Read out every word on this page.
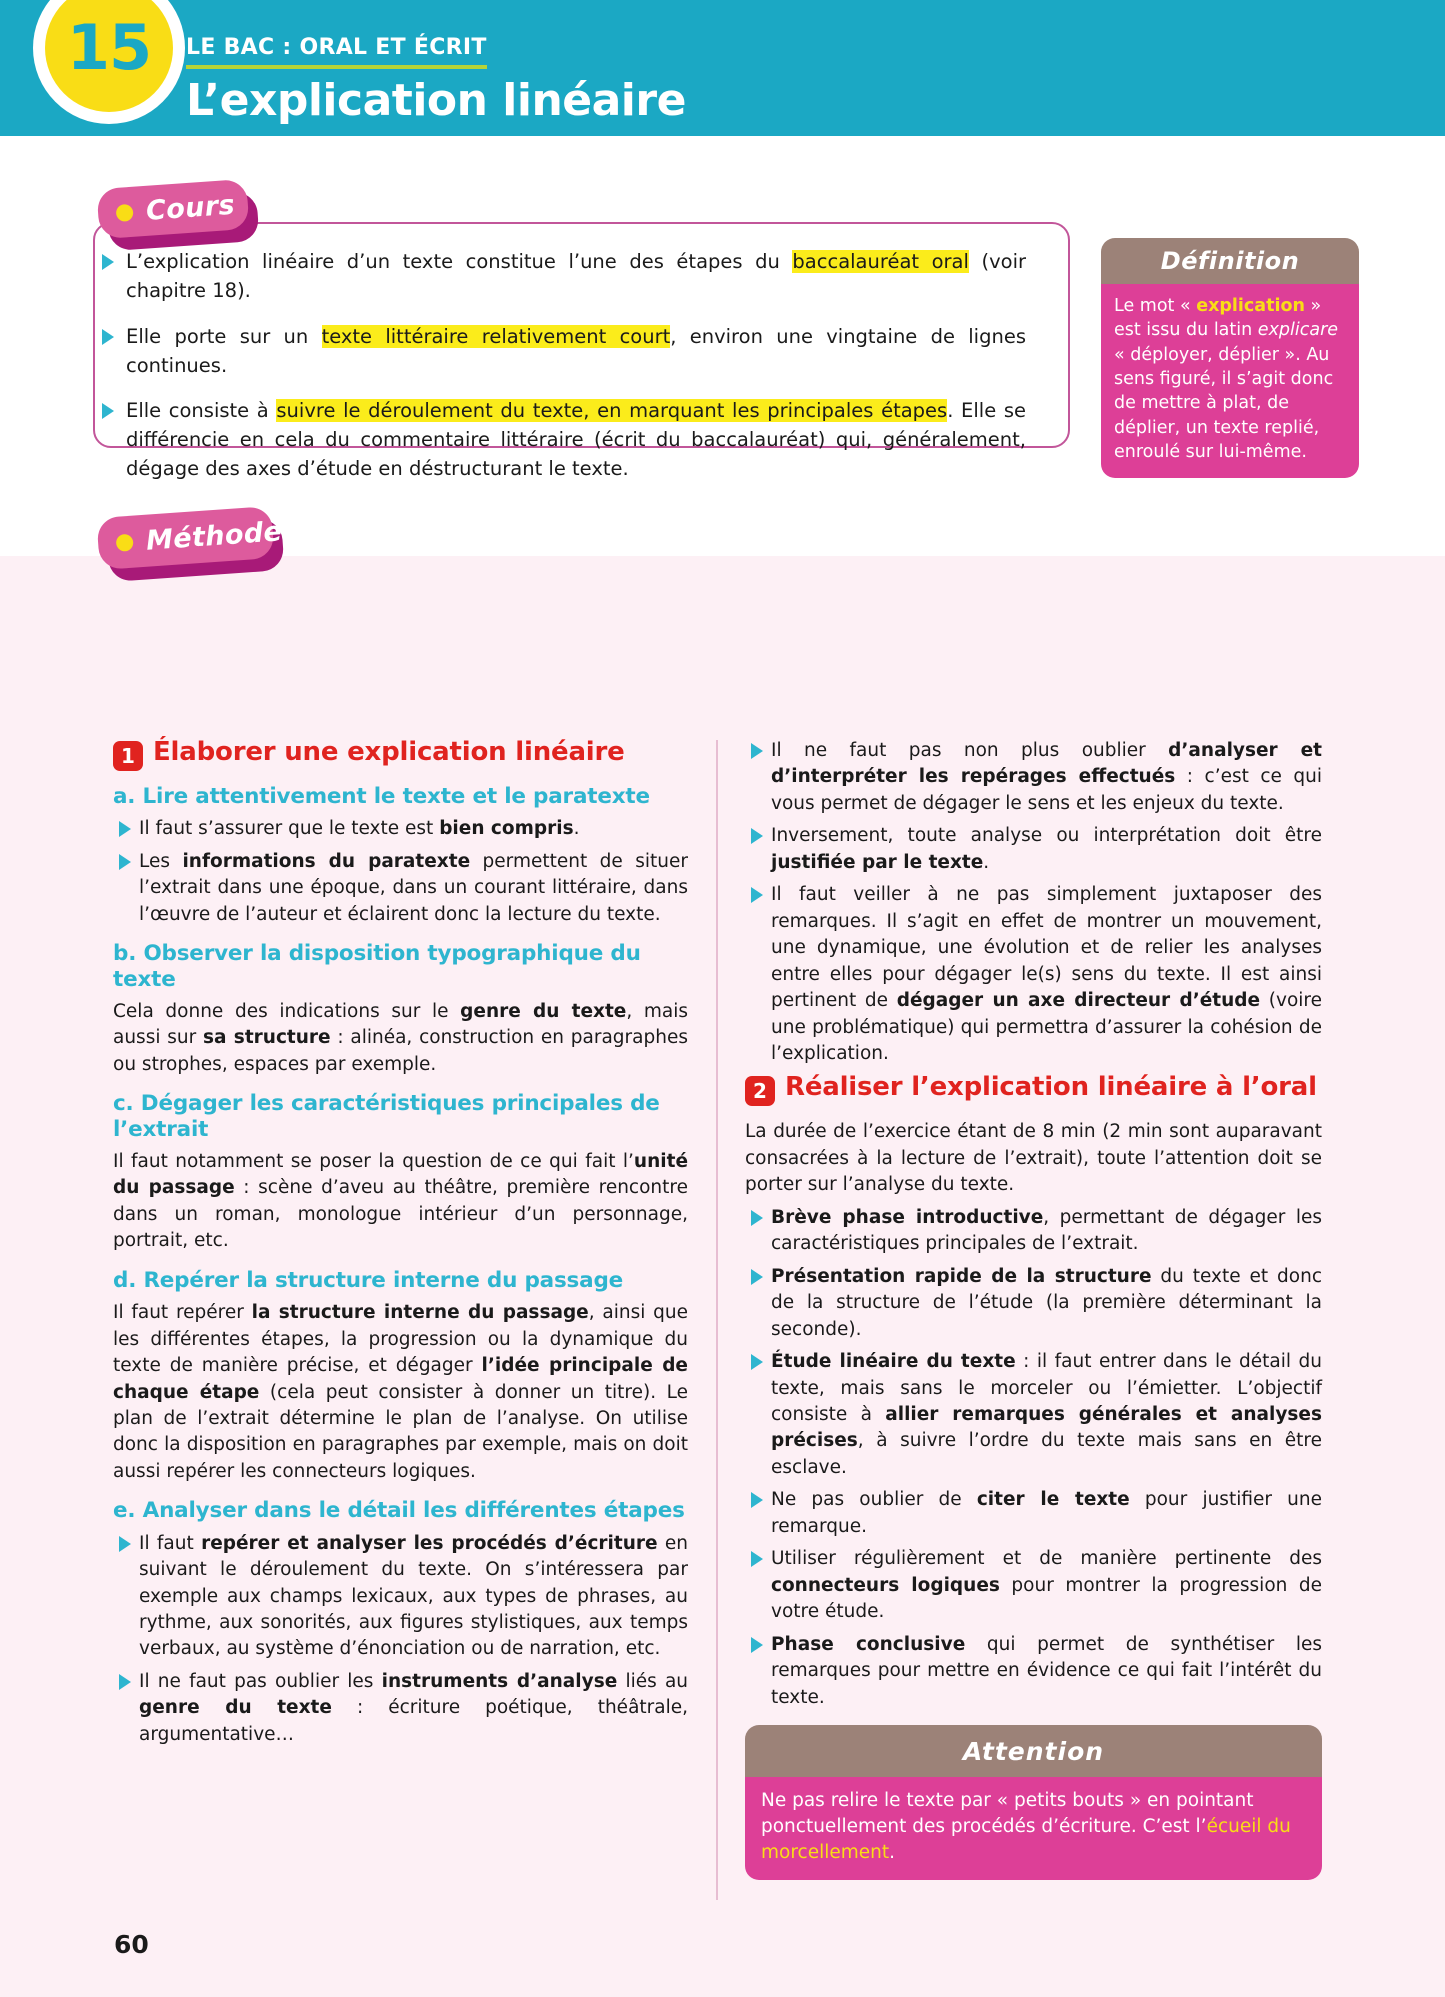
15 LE BAC : ORAL ET ÉCRIT
L’explication linéaire
Cours

L’explication linéaire d’un texte constitue l’une des étapes du baccalauréat oral (voir chapitre 18).

Elle porte sur un texte littéraire relativement court, environ une vingtaine de lignes continues.

Elle consiste à suivre le déroulement du texte, en marquant les principales étapes. Elle se différencie en cela du commentaire littéraire (écrit du baccalauréat) qui, généralement, dégage des axes d’étude en déstructurant le texte.

Définition
Le mot « explication » est issu du latin explicare « déployer, déplier ». Au sens figuré, il s’agit donc de mettre à plat, de déplier, un texte replié, enroulé sur lui-même.
Méthode
1 Élaborer une explication linéaire
a. Lire attentivement le texte et le paratexte

Il faut s’assurer que le texte est bien compris.

Les informations du paratexte permettent de situer l’extrait dans une époque, dans un courant littéraire, dans l’œuvre de l’auteur et éclairent donc la lecture du texte.

b. Observer la disposition typographique du texte

Cela donne des indications sur le genre du texte, mais aussi sur sa structure : alinéa, construction en paragraphes ou strophes, espaces par exemple.

c. Dégager les caractéristiques principales de l’extrait

Il faut notamment se poser la question de ce qui fait l’unité du passage : scène d’aveu au théâtre, première rencontre dans un roman, monologue intérieur d’un personnage, portrait, etc.

d. Repérer la structure interne du passage

Il faut repérer la structure interne du passage, ainsi que les différentes étapes, la progression ou la dynamique du texte de manière précise, et dégager l’idée principale de chaque étape (cela peut consister à donner un titre). Le plan de l’extrait détermine le plan de l’analyse. On utilise donc la disposition en paragraphes par exemple, mais on doit aussi repérer les connecteurs logiques.

e. Analyser dans le détail les différentes étapes

Il faut repérer et analyser les procédés d’écriture en suivant le déroulement du texte. On s’intéressera par exemple aux champs lexicaux, aux types de phrases, au rythme, aux sonorités, aux figures stylistiques, aux temps verbaux, au système d’énonciation ou de narration, etc.

Il ne faut pas oublier les instruments d’analyse liés au genre du texte : écriture poétique, théâtrale, argumentative…

Il ne faut pas non plus oublier d’analyser et d’interpréter les repérages effectués : c’est ce qui vous permet de dégager le sens et les enjeux du texte.

Inversement, toute analyse ou interprétation doit être justifiée par le texte.

Il faut veiller à ne pas simplement juxtaposer des remarques. Il s’agit en effet de montrer un mouvement, une dynamique, une évolution et de relier les analyses entre elles pour dégager le(s) sens du texte. Il est ainsi pertinent de dégager un axe directeur d’étude (voire une problématique) qui permettra d’assurer la cohésion de l’explication.

2 Réaliser l’explication linéaire à l’oral

La durée de l’exercice étant de 8 min (2 min sont auparavant consacrées à la lecture de l’extrait), toute l’attention doit se porter sur l’analyse du texte.

Brève phase introductive, permettant de dégager les caractéristiques principales de l’extrait.

Présentation rapide de la structure du texte et donc de la structure de l’étude (la première déterminant la seconde).

Étude linéaire du texte : il faut entrer dans le détail du texte, mais sans le morceler ou l’émietter. L’objectif consiste à allier remarques générales et analyses précises, à suivre l’ordre du texte mais sans en être esclave.

Ne pas oublier de citer le texte pour justifier une remarque.

Utiliser régulièrement et de manière pertinente des connecteurs logiques pour montrer la progression de votre étude.

Phase conclusive qui permet de synthétiser les remarques pour mettre en évidence ce qui fait l’intérêt du texte.

Attention
Ne pas relire le texte par « petits bouts » en pointant ponctuellement des procédés d’écriture. C’est l’écueil du morcellement.
60
